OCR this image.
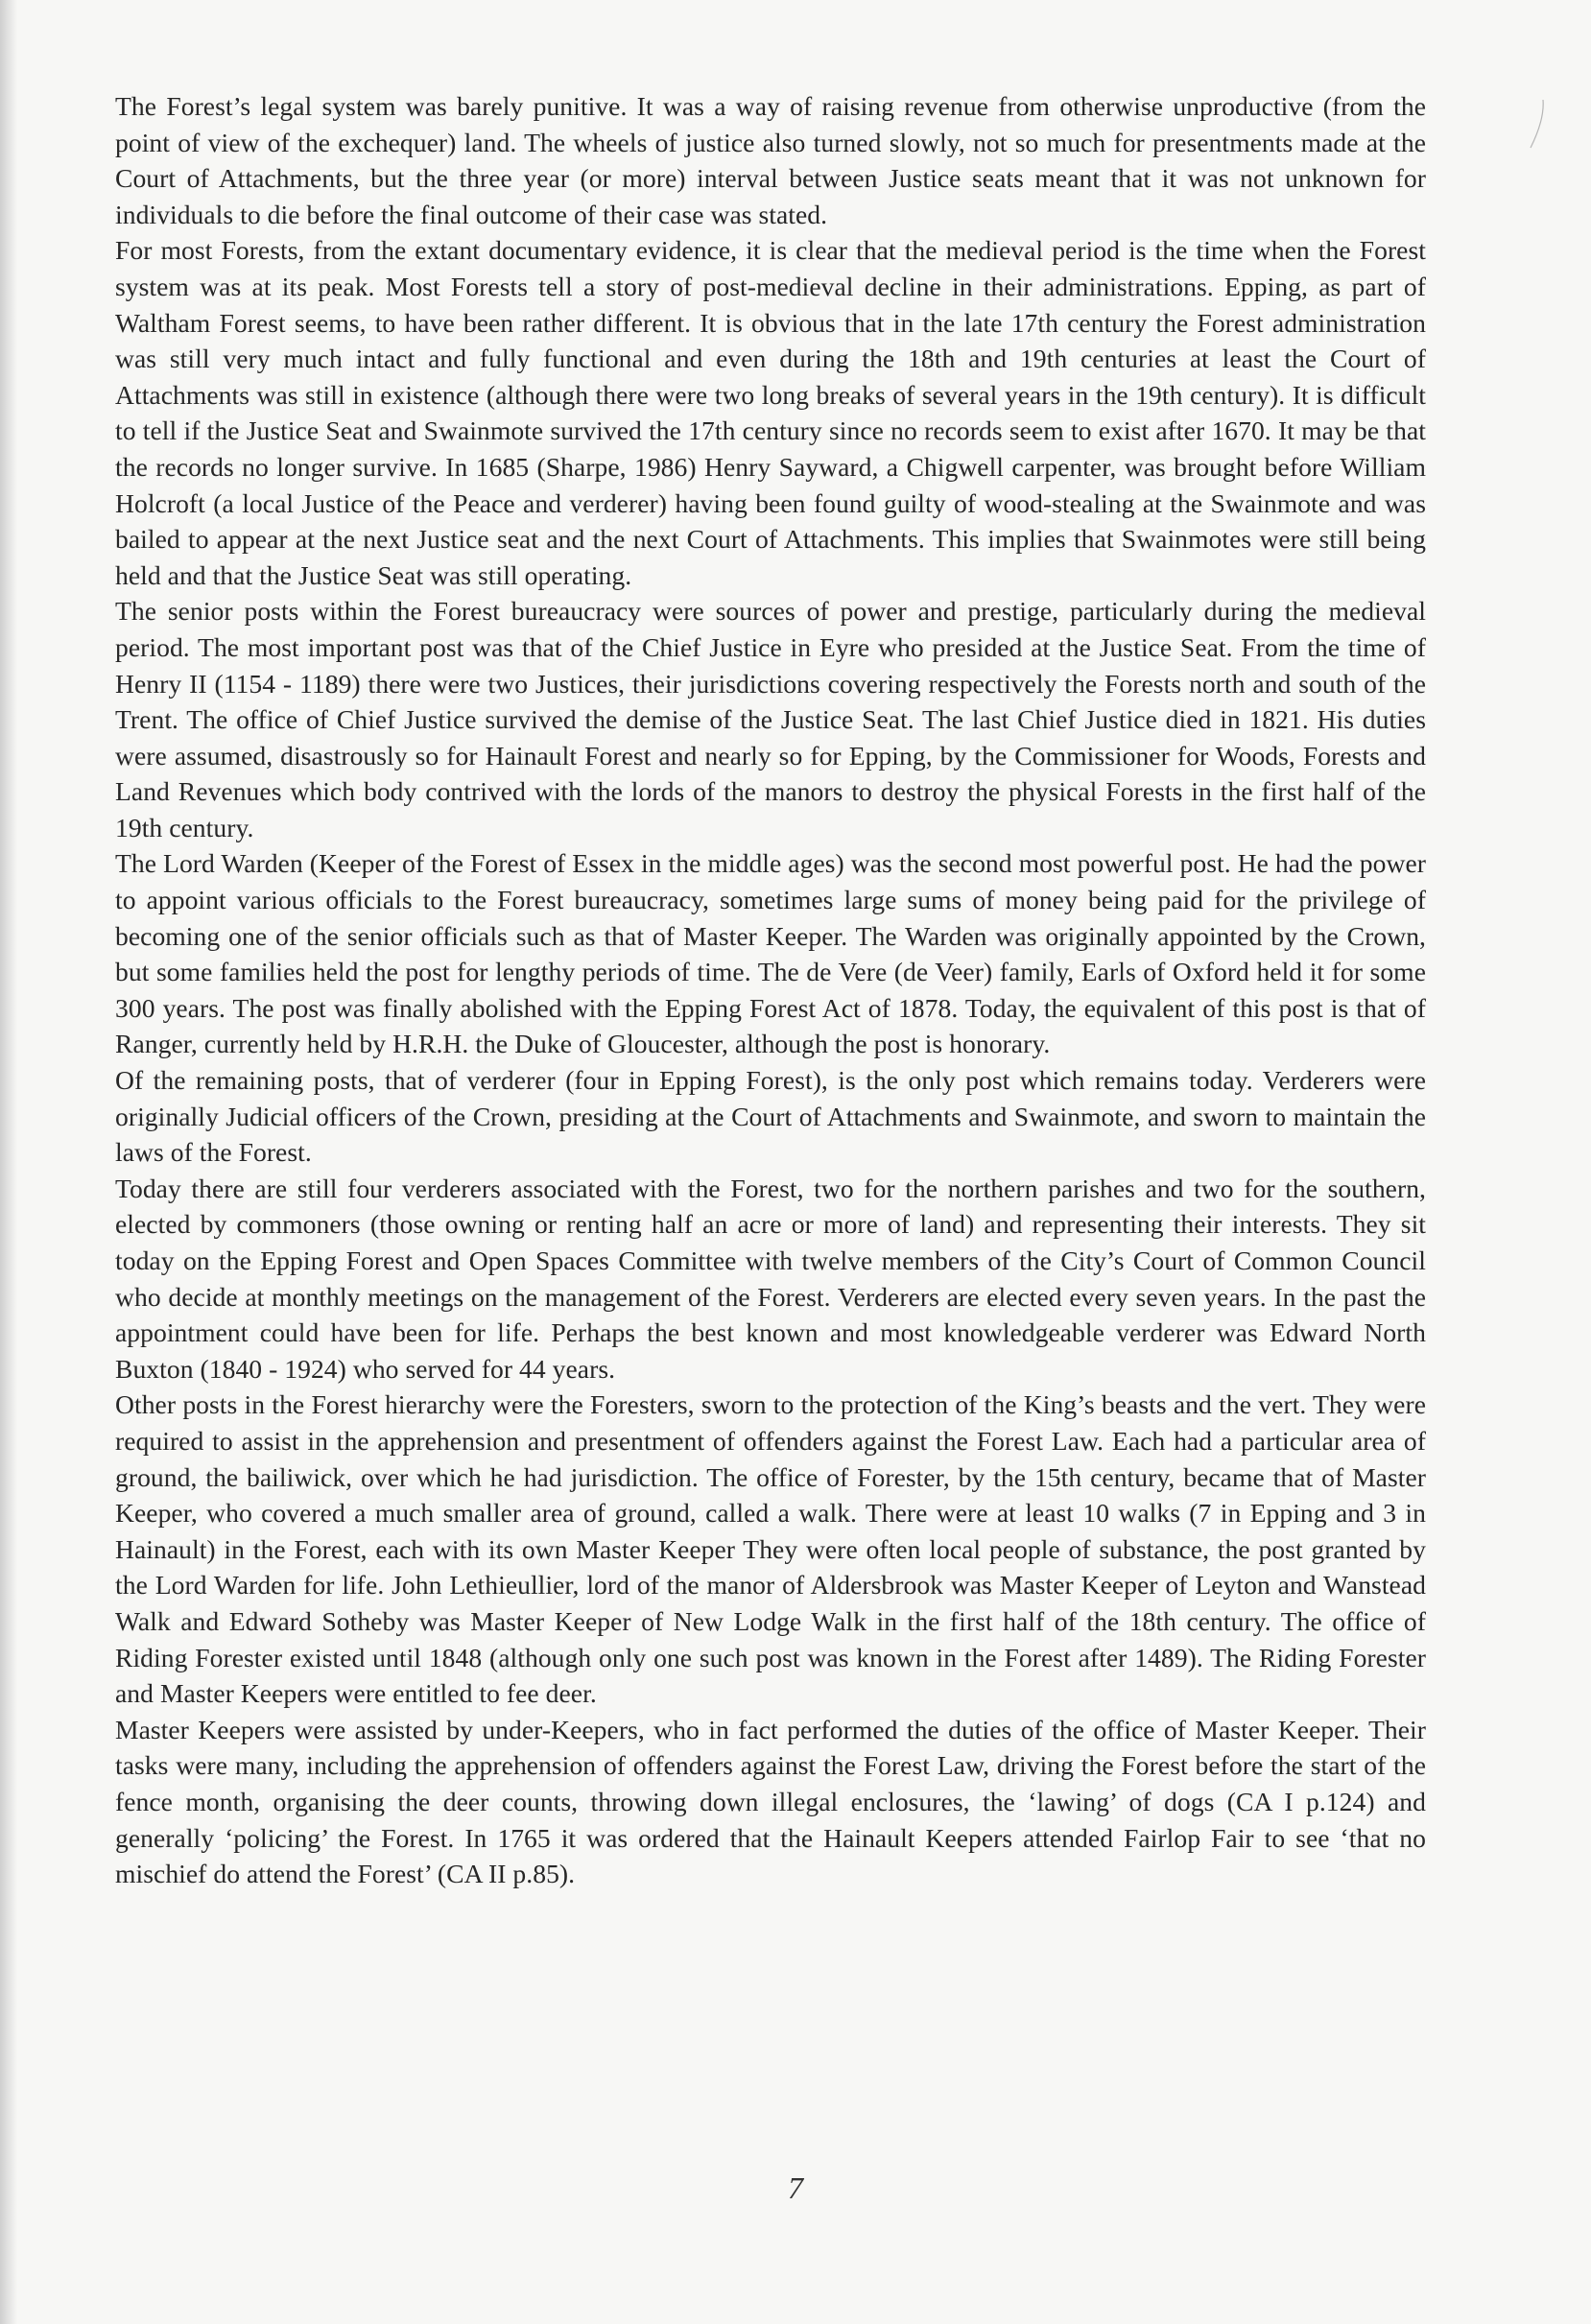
The Forest’s legal system was barely punitive. It was a way of raising revenue from otherwise unproductive (from the point of view of the exchequer) land. The wheels of justice also turned slowly, not so much for presentments made at the Court of Attachments, but the three year (or more) interval between Justice seats meant that it was not unknown for individuals to die before the final outcome of their case was stated.

For most Forests, from the extant documentary evidence, it is clear that the medieval period is the time when the Forest system was at its peak. Most Forests tell a story of post-medieval decline in their administrations. Epping, as part of Waltham Forest seems, to have been rather different. It is obvious that in the late 17th century the Forest administration was still very much intact and fully functional and even during the 18th and 19th centuries at least the Court of Attachments was still in existence (although there were two long breaks of several years in the 19th century). It is difficult to tell if the Justice Seat and Swainmote survived the 17th century since no records seem to exist after 1670. It may be that the records no longer survive. In 1685 (Sharpe, 1986) Henry Sayward, a Chigwell carpenter, was brought before William Holcroft (a local Justice of the Peace and verderer) having been found guilty of wood-stealing at the Swainmote and was bailed to appear at the next Justice seat and the next Court of Attachments. This implies that Swainmotes were still being held and that the Justice Seat was still operating.

The senior posts within the Forest bureaucracy were sources of power and prestige, particularly during the medieval period. The most important post was that of the Chief Justice in Eyre who presided at the Justice Seat. From the time of Henry II (1154 - 1189) there were two Justices, their jurisdictions covering respectively the Forests north and south of the Trent. The office of Chief Justice survived the demise of the Justice Seat. The last Chief Justice died in 1821. His duties were assumed, disastrously so for Hainault Forest and nearly so for Epping, by the Commissioner for Woods, Forests and Land Revenues which body contrived with the lords of the manors to destroy the physical Forests in the first half of the 19th century.

The Lord Warden (Keeper of the Forest of Essex in the middle ages) was the second most powerful post. He had the power to appoint various officials to the Forest bureaucracy, sometimes large sums of money being paid for the privilege of becoming one of the senior officials such as that of Master Keeper. The Warden was originally appointed by the Crown, but some families held the post for lengthy periods of time. The de Vere (de Veer) family, Earls of Oxford held it for some 300 years. The post was finally abolished with the Epping Forest Act of 1878. Today, the equivalent of this post is that of Ranger, currently held by H.R.H. the Duke of Gloucester, although the post is honorary.

Of the remaining posts, that of verderer (four in Epping Forest), is the only post which remains today. Verderers were originally Judicial officers of the Crown, presiding at the Court of Attachments and Swainmote, and sworn to maintain the laws of the Forest.

Today there are still four verderers associated with the Forest, two for the northern parishes and two for the southern, elected by commoners (those owning or renting half an acre or more of land) and representing their interests. They sit today on the Epping Forest and Open Spaces Committee with twelve members of the City’s Court of Common Council who decide at monthly meetings on the management of the Forest. Verderers are elected every seven years. In the past the appointment could have been for life. Perhaps the best known and most knowledgeable verderer was Edward North Buxton (1840 - 1924) who served for 44 years.

Other posts in the Forest hierarchy were the Foresters, sworn to the protection of the King’s beasts and the vert. They were required to assist in the apprehension and presentment of offenders against the Forest Law. Each had a particular area of ground, the bailiwick, over which he had jurisdiction. The office of Forester, by the 15th century, became that of Master Keeper, who covered a much smaller area of ground, called a walk. There were at least 10 walks (7 in Epping and 3 in Hainault) in the Forest, each with its own Master Keeper They were often local people of substance, the post granted by the Lord Warden for life. John Lethieullier, lord of the manor of Aldersbrook was Master Keeper of Leyton and Wanstead Walk and Edward Sotheby was Master Keeper of New Lodge Walk in the first half of the 18th century. The office of Riding Forester existed until 1848 (although only one such post was known in the Forest after 1489). The Riding Forester and Master Keepers were entitled to fee deer.

Master Keepers were assisted by under-Keepers, who in fact performed the duties of the office of Master Keeper. Their tasks were many, including the apprehension of offenders against the Forest Law, driving the Forest before the start of the fence month, organising the deer counts, throwing down illegal enclosures, the ‘lawing’ of dogs (CA I p.124) and generally ‘policing’ the Forest. In 1765 it was ordered that the Hainault Keepers attended Fairlop Fair to see ‘that no mischief do attend the Forest’ (CA II p.85).

7
